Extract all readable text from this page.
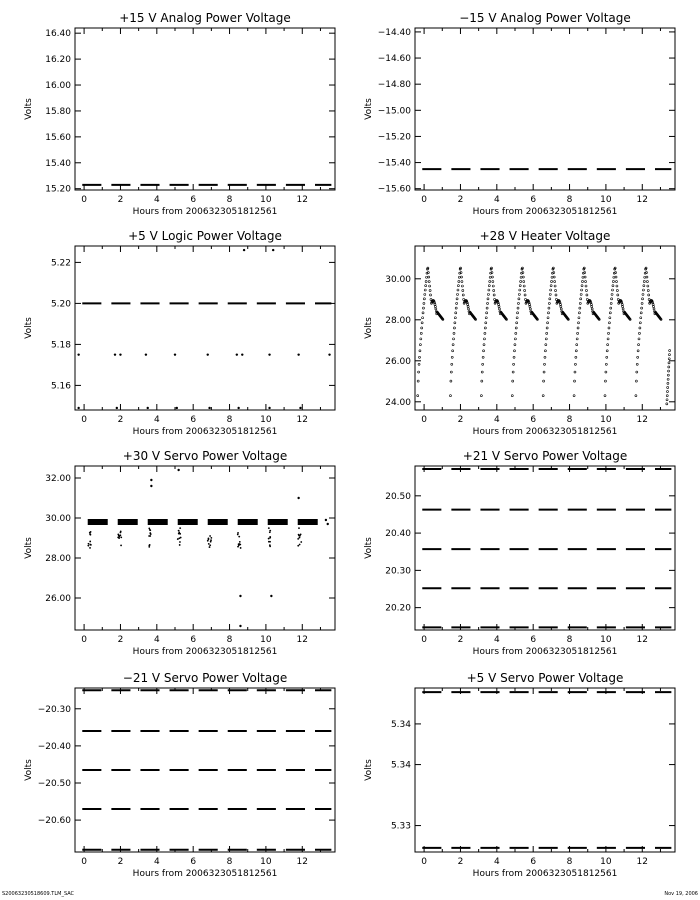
+15 V Analog Power Voltage
0	2	4	6	8	10	12
15.20
15.40
15.60
15.80
16.00
16.20
16.40
Hours from 20063230518125​61
Volts
−15 V Analog Power Voltage
0	2	4	6	8	10	12
−14.40
−14.60
−14.80
−15.00
−15.20
−15.40
−15.60
Hours from 20063230518125​61
Volts
+5 V Logic Power Voltage
0	2	4	6	8	10	12
5.16
5.18
5.20
5.22
Hours from 20063230518125​61
Volts
+28 V Heater Voltage
0	2	4	6	8	10	12
24.00
26.00
28.00
30.00
Hours from 20063230518125​61
Volts
+30 V Servo Power Voltage
0	2	4	6	8	10	12
26.00
28.00
30.00
32.00
Hours from 20063230518125​61
Volts
+21 V Servo Power Voltage
0	2	4	6	8	10	12
20.20
20.30
20.40
20.50
Hours from 20063230518125​61
Volts
−21 V Servo Power Voltage
0	2	4	6	8	10	12
−20.30
−20.40
−20.50
−20.60
Hours from 20063230518125​61
Volts
+5 V Servo Power Voltage
0	2	4	6	8	10	12
5.33
5.34
5.34
Hours from 20063230518125​61
Volts
S20063230518609.TLM_SAC	Nov 19, 2006
